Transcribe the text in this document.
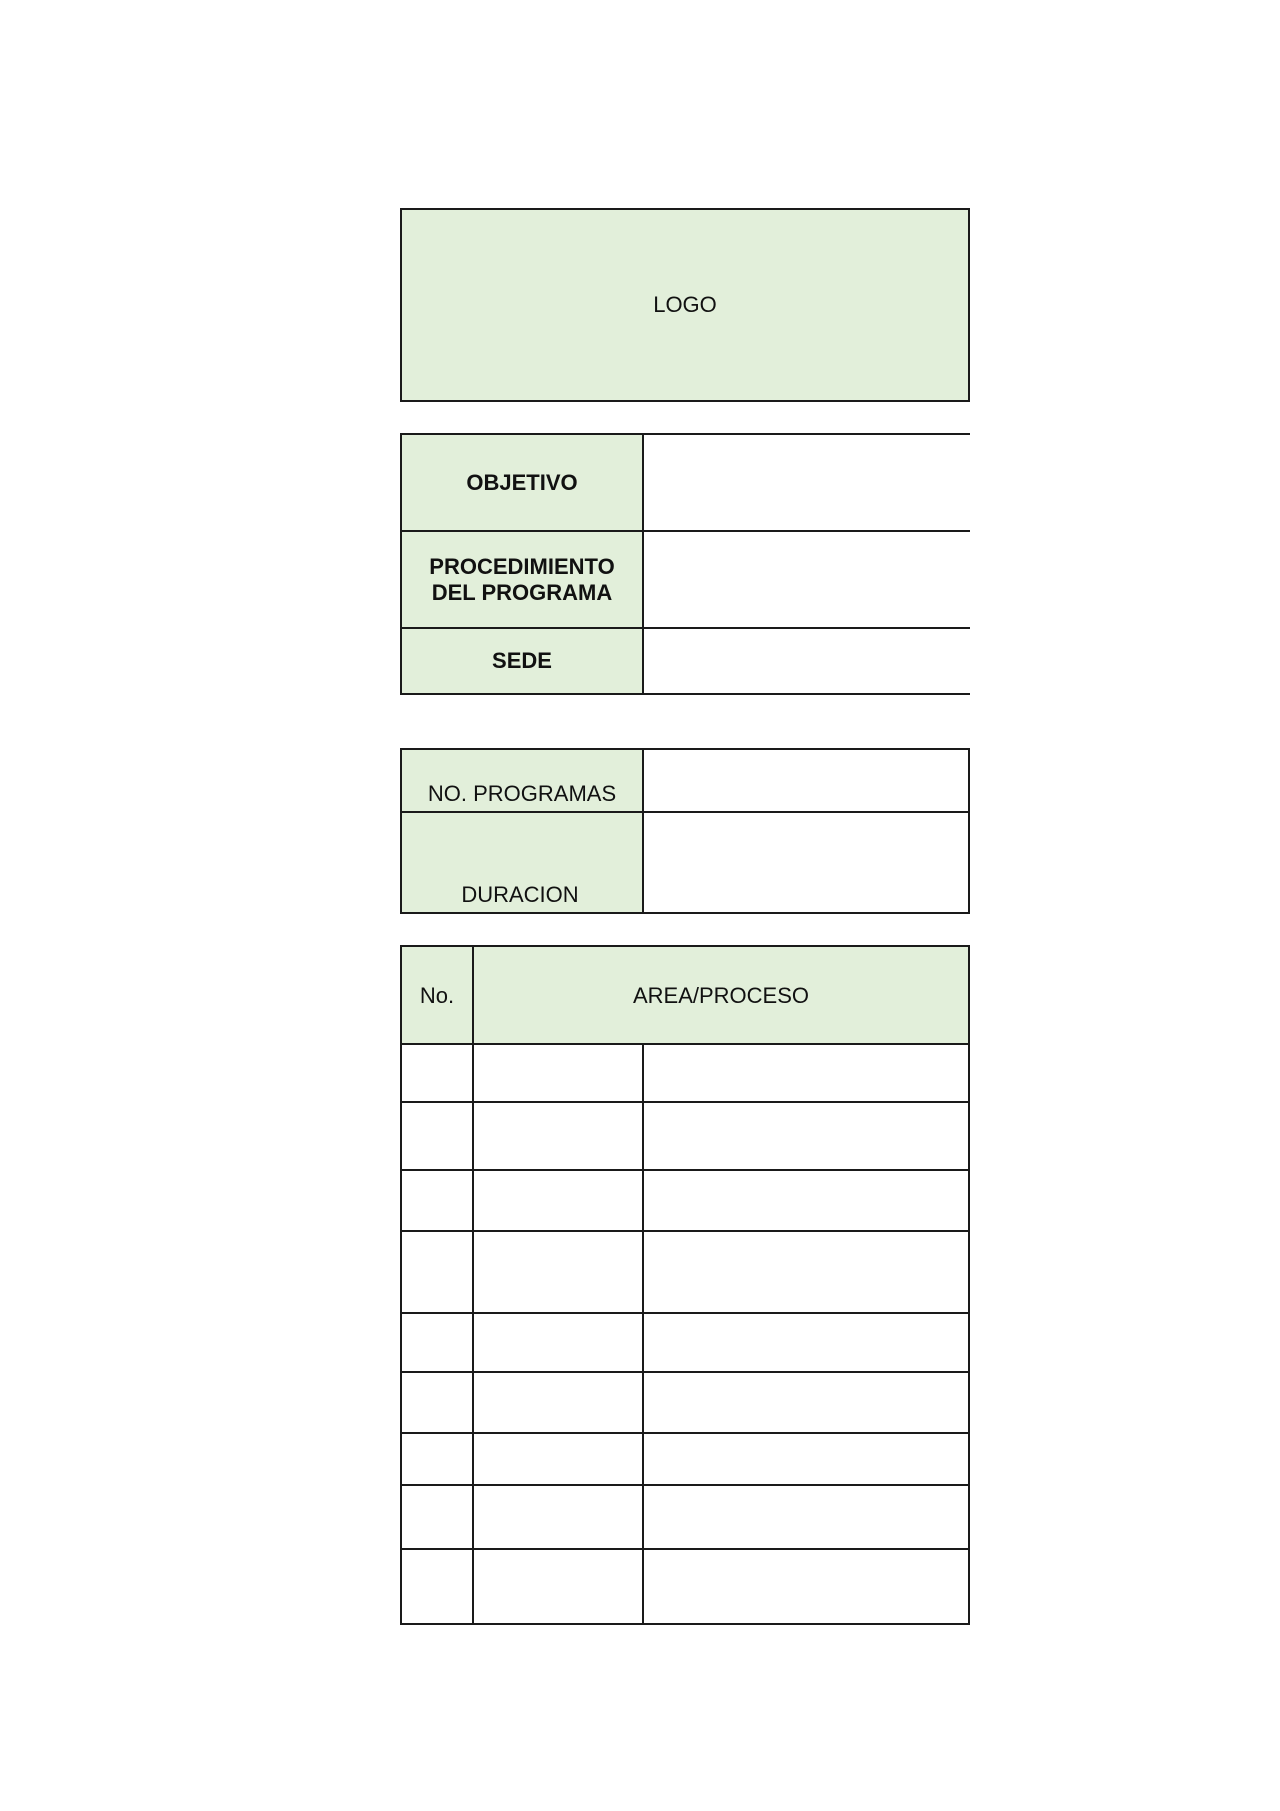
LOGO
OBJETIVO
PROCEDIMIENTO DEL PROGRAMA
SEDE
NO. PROGRAMAS
DURACION
No.	AREA/PROCESO
